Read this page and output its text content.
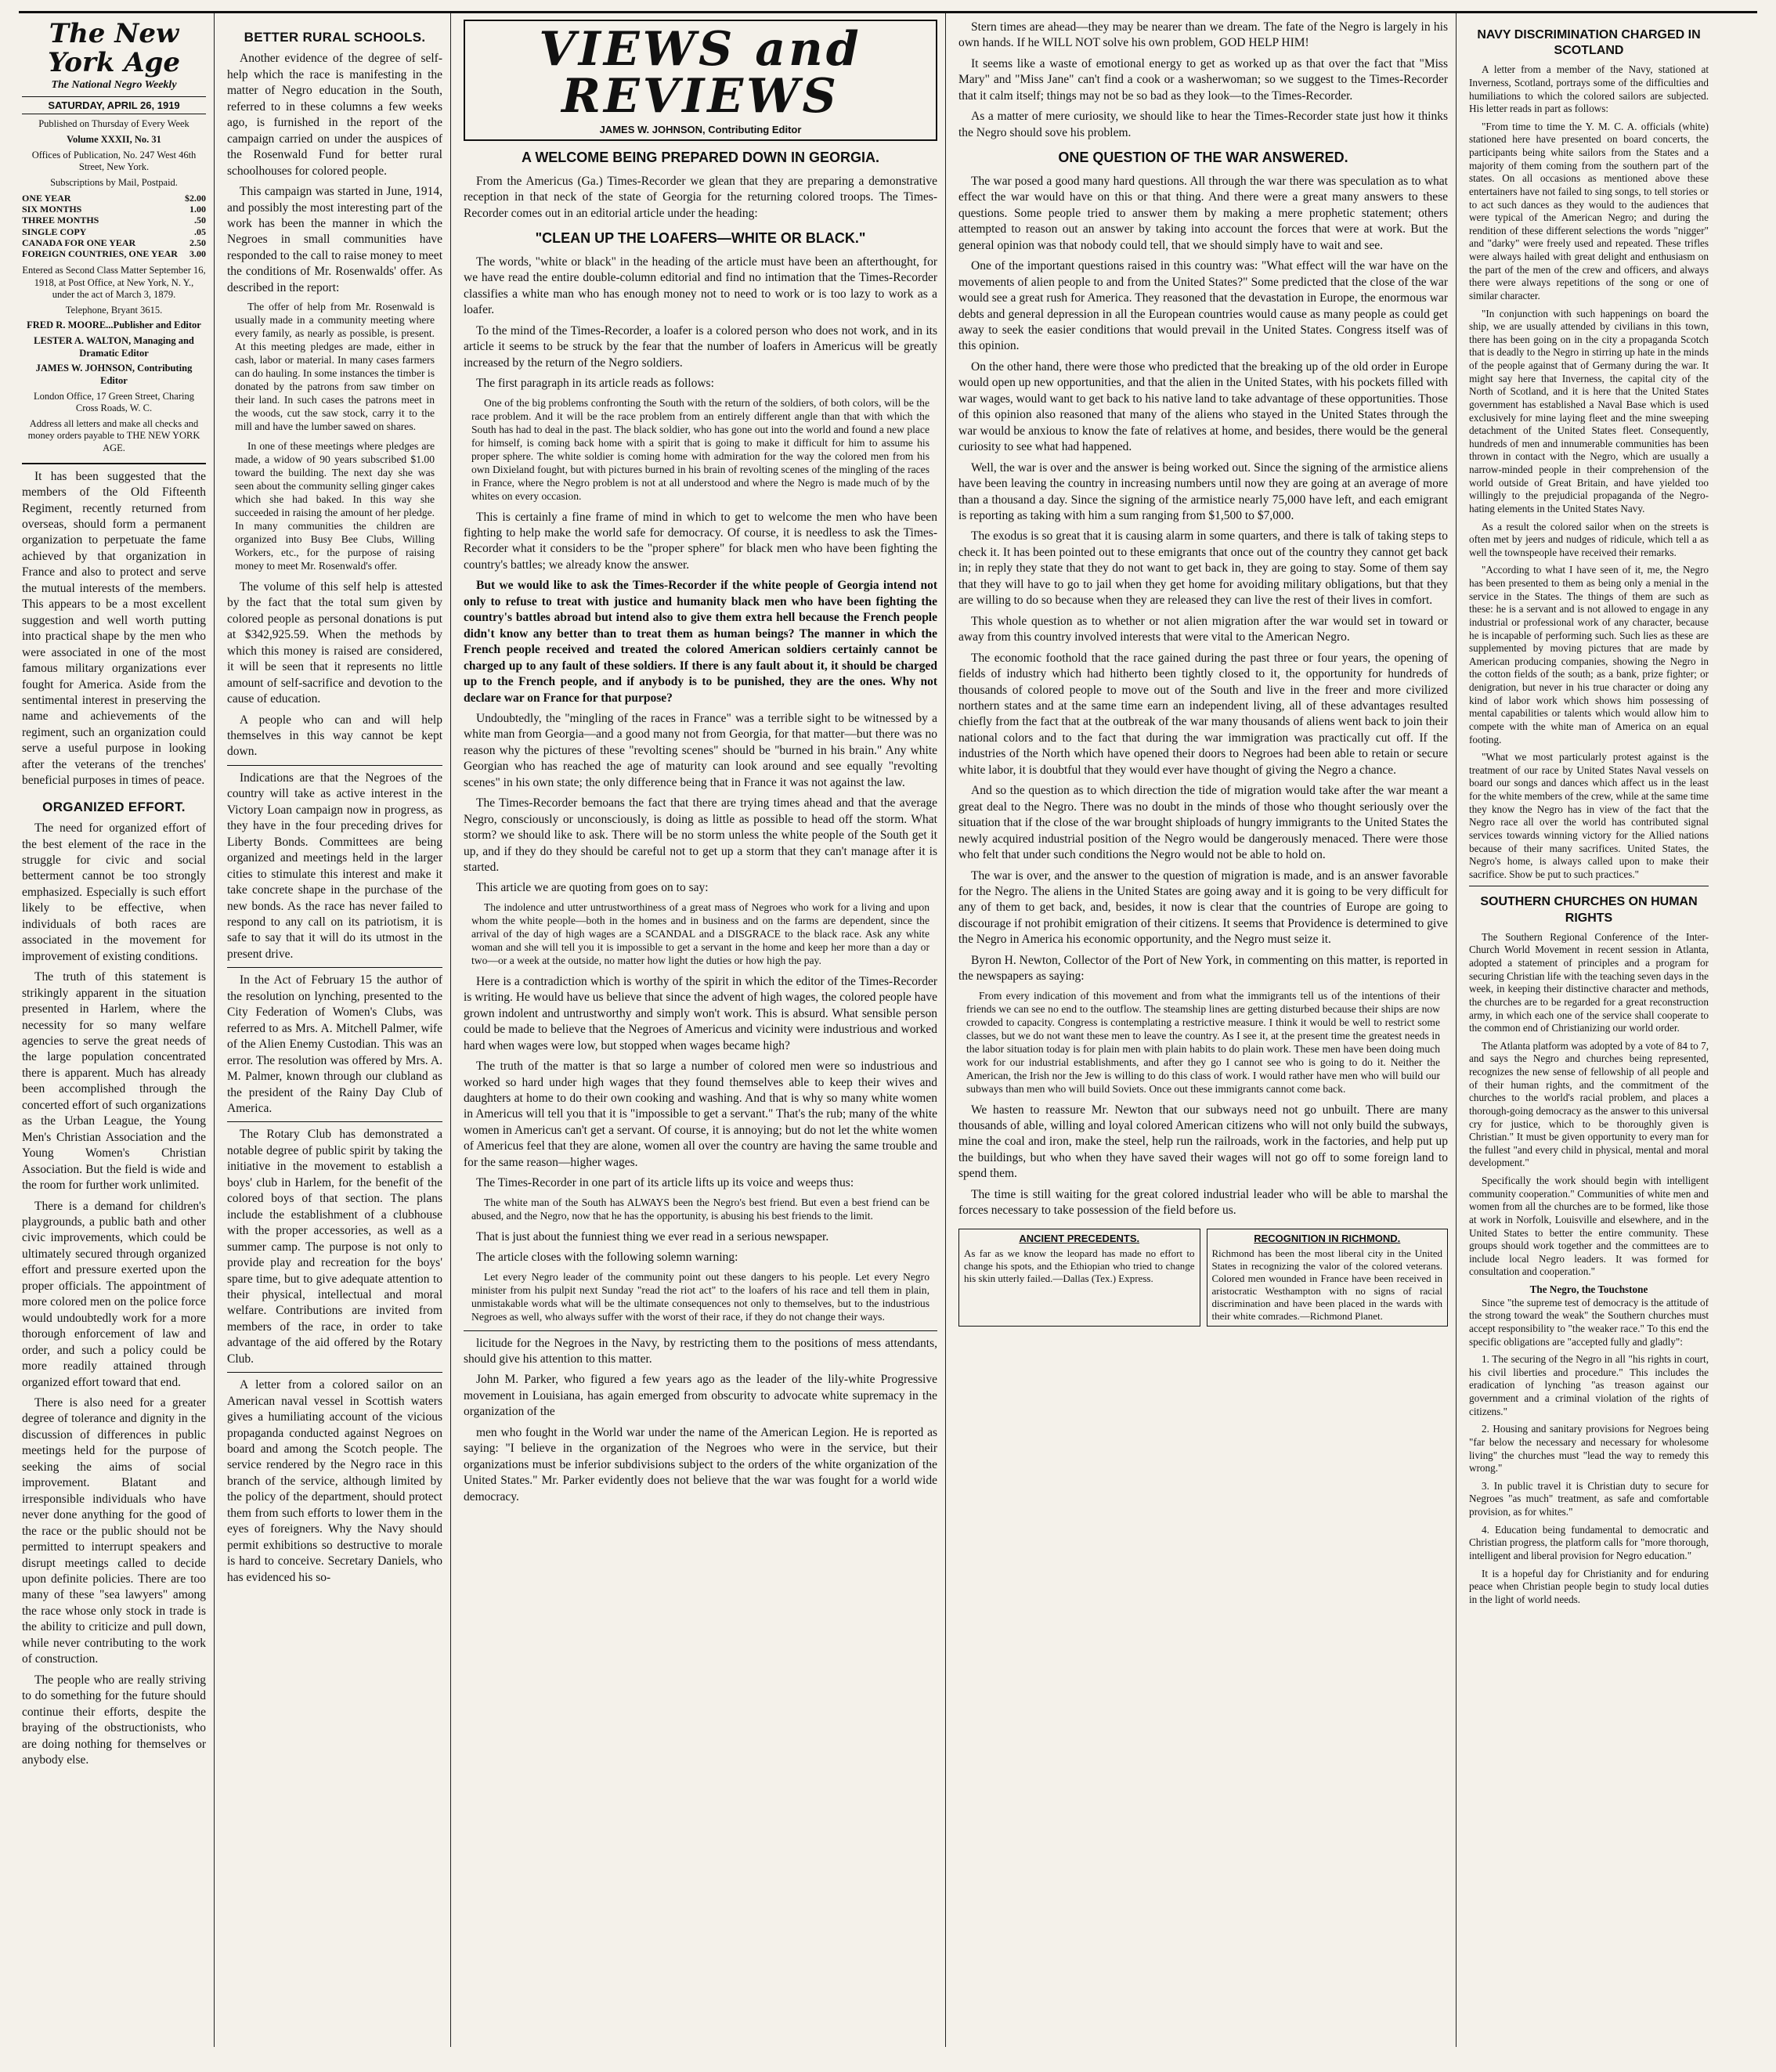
The New York Age
The National Negro Weekly
SATURDAY, APRIL 26, 1919
Published on Thursday of Every Week
Volume XXXII, No. 31
Offices of Publication, No. 247 West 46th Street, New York.
Subscriptions by Mail, Postpaid.
ONE YEAR	$2.00
SIX MONTHS	1.00
THREE MONTHS	.50
SINGLE COPY	.05
CANADA FOR ONE YEAR	2.50
FOREIGN COUNTRIES, ONE YEAR 3.00
Entered as Second Class Matter September 16, 1918, at Post Office, at New York, N. Y., under the act of March 3, 1879.
Telephone, Bryant 3615.
FRED R. MOORE...Publisher and Editor
LESTER A. WALTON, Managing and Dramatic Editor
JAMES W. JOHNSON, Contributing Editor
London Office, 17 Green Street, Charing Cross Roads, W. C.
Address all letters and make all checks and money orders payable to THE NEW YORK AGE.

It has been suggested that the members of the Old Fifteenth Regiment, recently returned from overseas, should form a permanent organization to perpetuate the fame achieved by that organization in France and also to protect and serve the mutual interests of the members. This appears to be a most excellent suggestion and well worth putting into practical shape by the men who were associated in one of the most famous military organizations ever fought for America. Aside from the sentimental interest in preserving the name and achievements of the regiment, such an organization could serve a useful purpose in looking after the veterans of the trenches' beneficial purposes in times of peace.

ORGANIZED EFFORT.

The need for organized effort of the best element of the race in the struggle for civic and social betterment cannot be too strongly emphasized. Especially is such effort likely to be effective, when individuals of both races are associated in the movement for improvement of existing conditions.

The truth of this statement is strikingly apparent in the situation presented in Harlem, where the necessity for so many welfare agencies to serve the great needs of the large population concentrated there is apparent. Much has already been accomplished through the concerted effort of such organizations as the Urban League, the Young Men's Christian Association and the Young Women's Christian Association. But the field is wide and the room for further work unlimited.

There is a demand for children's playgrounds, a public bath and other civic improvements, which could be ultimately secured through organized effort and pressure exerted upon the proper officials. The appointment of more colored men on the police force would undoubtedly work for a more thorough enforcement of law and order, and such a policy could be more readily attained through organized effort toward that end.

There is also need for a greater degree of tolerance and dignity in the discussion of differences in public meetings held for the purpose of seeking the aims of social improvement. Blatant and irresponsible individuals who have never done anything for the good of the race or the public should not be permitted to interrupt speakers and disrupt meetings called to decide upon definite policies. There are too many of these "sea lawyers" among the race whose only stock in trade is the ability to criticize and pull down, while never contributing to the work of construction.

The people who are really striving to do something for the future should continue their efforts, despite the braying of the obstructionists, who are doing nothing for themselves or anybody else.

BETTER RURAL SCHOOLS.

Another evidence of the degree of self-help which the race is manifesting in the matter of Negro education in the South, referred to in these columns a few weeks ago, is furnished in the report of the campaign carried on under the auspices of the Rosenwald Fund for better rural schoolhouses for colored people.

This campaign was started in June, 1914, and possibly the most interesting part of the work has been the manner in which the Negroes in small communities have responded to the call to raise money to meet the conditions of Mr. Rosenwalds' offer. As described in the report:

The offer of help from Mr. Rosenwald is usually made in a community meeting where every family, as nearly as possible, is present. At this meeting pledges are made, either in cash, labor or material. In many cases farmers can do hauling. In some instances the timber is donated by the patrons from saw timber on their land. In such cases the patrons meet in the woods, cut the saw stock, carry it to the mill and have the lumber sawed on shares.

In one of these meetings where pledges are made, a widow of 90 years subscribed $1.00 toward the building. The next day she was seen about the community selling ginger cakes which she had baked. In this way she succeeded in raising the amount of her pledge. In many communities the children are organized into Busy Bee Clubs, Willing Workers, etc., for the purpose of raising money to meet Mr. Rosenwald's offer.

The volume of this self help is attested by the fact that the total sum given by colored people as personal donations is put at $342,925.59. When the methods by which this money is raised are considered, it will be seen that it represents no little amount of self-sacrifice and devotion to the cause of education.

A people who can and will help themselves in this way cannot be kept down.

Indications are that the Negroes of the country will take as active interest in the Victory Loan campaign now in progress, as they have in the four preceding drives for Liberty Bonds. Committees are being organized and meetings held in the larger cities to stimulate this interest and make it take concrete shape in the purchase of the new bonds. As the race has never failed to respond to any call on its patriotism, it is safe to say that it will do its utmost in the present drive.

In the Act of February 15 the author of the resolution on lynching, presented to the City Federation of Women's Clubs, was referred to as Mrs. A. Mitchell Palmer, wife of the Alien Enemy Custodian. This was an error. The resolution was offered by Mrs. A. M. Palmer, known through our clubland as the president of the Rainy Day Club of America.

The Rotary Club has demonstrated a notable degree of public spirit by taking the initiative in the movement to establish a boys' club in Harlem, for the benefit of the colored boys of that section. The plans include the establishment of a clubhouse with the proper accessories, as well as a summer camp. The purpose is not only to provide play and recreation for the boys' spare time, but to give adequate attention to their physical, intellectual and moral welfare. Contributions are invited from members of the race, in order to take advantage of the aid offered by the Rotary Club.

A letter from a colored sailor on an American naval vessel in Scottish waters gives a humiliating account of the vicious propaganda conducted against Negroes on board and among the Scotch people. The service rendered by the Negro race in this branch of the service, although limited by the policy of the department, should protect them from such efforts to lower them in the eyes of foreigners. Why the Navy should permit exhibitions so destructive to morale is hard to conceive. Secretary Daniels, who has evidenced his so-

VIEWS and REVIEWS
JAMES W. JOHNSON, Contributing Editor
A WELCOME BEING PREPARED DOWN IN GEORGIA.

From the Americus (Ga.) Times-Recorder we glean that they are preparing a demonstrative reception in that neck of the state of Georgia for the returning colored troops. The Times-Recorder comes out in an editorial article under the heading:

"CLEAN UP THE LOAFERS—WHITE OR BLACK."

The words, "white or black" in the heading of the article must have been an afterthought, for we have read the entire double-column editorial and find no intimation that the Times-Recorder classifies a white man who has enough money not to need to work or is too lazy to work as a loafer.

To the mind of the Times-Recorder, a loafer is a colored person who does not work, and in its article it seems to be struck by the fear that the number of loafers in Americus will be greatly increased by the return of the Negro soldiers.

The first paragraph in its article reads as follows:

One of the big problems confronting the South with the return of the soldiers, of both colors, will be the race problem. And it will be the race problem from an entirely different angle than that with which the South has had to deal in the past. The black soldier, who has gone out into the world and found a new place for himself, is coming back home with a spirit that is going to make it difficult for him to assume his proper sphere. The white soldier is coming home with admiration for the way the colored men from his own Dixieland fought, but with pictures burned in his brain of revolting scenes of the mingling of the races in France, where the Negro problem is not at all understood and where the Negro is made much of by the whites on every occasion.

This is certainly a fine frame of mind in which to get to welcome the men who have been fighting to help make the world safe for democracy. Of course, it is needless to ask the Times-Recorder what it considers to be the "proper sphere" for black men who have been fighting the country's battles; we already know the answer.

But we would like to ask the Times-Recorder if the white people of Georgia intend not only to refuse to treat with justice and humanity black men who have been fighting the country's battles abroad but intend also to give them extra hell because the French people didn't know any better than to treat them as human beings? The manner in which the French people received and treated the colored American soldiers certainly cannot be charged up to any fault of these soldiers. If there is any fault about it, it should be charged up to the French people, and if anybody is to be punished, they are the ones. Why not declare war on France for that purpose?

Undoubtedly, the "mingling of the races in France" was a terrible sight to be witnessed by a white man from Georgia—and a good many not from Georgia, for that matter—but there was no reason why the pictures of these "revolting scenes" should be "burned in his brain." Any white Georgian who has reached the age of maturity can look around and see equally "revolting scenes" in his own state; the only difference being that in France it was not against the law.

The Times-Recorder bemoans the fact that there are trying times ahead and that the average Negro, consciously or unconsciously, is doing as little as possible to head off the storm. What storm? we should like to ask. There will be no storm unless the white people of the South get it up, and if they do they should be careful not to get up a storm that they can't manage after it is started.

This article we are quoting from goes on to say:

The indolence and utter untrustworthiness of a great mass of Negroes who work for a living and upon whom the white people—both in the homes and in business and on the farms are dependent, since the arrival of the day of high wages are a SCANDAL and a DISGRACE to the black race. Ask any white woman and she will tell you it is impossible to get a servant in the home and keep her more than a day or two—or a week at the outside, no matter how light the duties or how high the pay.

Here is a contradiction which is worthy of the spirit in which the editor of the Times-Recorder is writing. He would have us believe that since the advent of high wages, the colored people have grown indolent and untrustworthy and simply won't work. This is absurd. What sensible person could be made to believe that the Negroes of Americus and vicinity were industrious and worked hard when wages were low, but stopped when wages became high?

The truth of the matter is that so large a number of colored men were so industrious and worked so hard under high wages that they found themselves able to keep their wives and daughters at home to do their own cooking and washing. And that is why so many white women in Americus will tell you that it is "impossible to get a servant." That's the rub; many of the white women in Americus can't get a servant. Of course, it is annoying; but do not let the white women of Americus feel that they are alone, women all over the country are having the same trouble and for the same reason—higher wages.

The Times-Recorder in one part of its article lifts up its voice and weeps thus:

The white man of the South has ALWAYS been the Negro's best friend. But even a best friend can be abused, and the Negro, now that he has the opportunity, is abusing his best friends to the limit.

That is just about the funniest thing we ever read in a serious newspaper.

The article closes with the following solemn warning:

Let every Negro leader of the community point out these dangers to his people. Let every Negro minister from his pulpit next Sunday "read the riot act" to the loafers of his race and tell them in plain, unmistakable words what will be the ultimate consequences not only to themselves, but to the industrious Negroes as well, who always suffer with the worst of their race, if they do not change their ways.

licitude for the Negroes in the Navy, by restricting them to the positions of mess attendants, should give his attention to this matter.

John M. Parker, who figured a few years ago as the leader of the lily-white Progressive movement in Louisiana, has again emerged from obscurity to advocate white supremacy in the organization of the

men who fought in the World war under the name of the American Legion. He is reported as saying: "I believe in the organization of the Negroes who were in the service, but their organizations must be inferior subdivisions subject to the orders of the white organization of the United States." Mr. Parker evidently does not believe that the war was fought for a world wide democracy.

Stern times are ahead—they may be nearer than we dream. The fate of the Negro is largely in his own hands. If he WILL NOT solve his own problem, GOD HELP HIM!

It seems like a waste of emotional energy to get as worked up as that over the fact that "Miss Mary" and "Miss Jane" can't find a cook or a washerwoman; so we suggest to the Times-Recorder that it calm itself; things may not be so bad as they look—to the Times-Recorder.

As a matter of mere curiosity, we should like to hear the Times-Recorder state just how it thinks the Negro should sove his problem.

ONE QUESTION OF THE WAR ANSWERED.

The war posed a good many hard questions. All through the war there was speculation as to what effect the war would have on this or that thing. And there were a great many answers to these questions. Some people tried to answer them by making a mere prophetic statement; others attempted to reason out an answer by taking into account the forces that were at work. But the general opinion was that nobody could tell, that we should simply have to wait and see.

One of the important questions raised in this country was: "What effect will the war have on the movements of alien people to and from the United States?" Some predicted that the close of the war would see a great rush for America. They reasoned that the devastation in Europe, the enormous war debts and general depression in all the European countries would cause as many people as could get away to seek the easier conditions that would prevail in the United States. Congress itself was of this opinion.

On the other hand, there were those who predicted that the breaking up of the old order in Europe would open up new opportunities, and that the alien in the United States, with his pockets filled with war wages, would want to get back to his native land to take advantage of these opportunities. Those of this opinion also reasoned that many of the aliens who stayed in the United States through the war would be anxious to know the fate of relatives at home, and besides, there would be the general curiosity to see what had happened.

Well, the war is over and the answer is being worked out. Since the signing of the armistice aliens have been leaving the country in increasing numbers until now they are going at an average of more than a thousand a day. Since the signing of the armistice nearly 75,000 have left, and each emigrant is reporting as taking with him a sum ranging from $1,500 to $7,000.

The exodus is so great that it is causing alarm in some quarters, and there is talk of taking steps to check it. It has been pointed out to these emigrants that once out of the country they cannot get back in; in reply they state that they do not want to get back in, they are going to stay. Some of them say that they will have to go to jail when they get home for avoiding military obligations, but that they are willing to do so because when they are released they can live the rest of their lives in comfort.

This whole question as to whether or not alien migration after the war would set in toward or away from this country involved interests that were vital to the American Negro.

The economic foothold that the race gained during the past three or four years, the opening of fields of industry which had hitherto been tightly closed to it, the opportunity for hundreds of thousands of colored people to move out of the South and live in the freer and more civilized northern states and at the same time earn an independent living, all of these advantages resulted chiefly from the fact that at the outbreak of the war many thousands of aliens went back to join their national colors and to the fact that during the war immigration was practically cut off. If the industries of the North which have opened their doors to Negroes had been able to retain or secure white labor, it is doubtful that they would ever have thought of giving the Negro a chance.

And so the question as to which direction the tide of migration would take after the war meant a great deal to the Negro. There was no doubt in the minds of those who thought seriously over the situation that if the close of the war brought shiploads of hungry immigrants to the United States the newly acquired industrial position of the Negro would be dangerously menaced. There were those who felt that under such conditions the Negro would not be able to hold on.

The war is over, and the answer to the question of migration is made, and is an answer favorable for the Negro. The aliens in the United States are going away and it is going to be very difficult for any of them to get back, and, besides, it now is clear that the countries of Europe are going to discourage if not prohibit emigration of their citizens. It seems that Providence is determined to give the Negro in America his economic opportunity, and the Negro must seize it.

Byron H. Newton, Collector of the Port of New York, in commenting on this matter, is reported in the newspapers as saying:

From every indication of this movement and from what the immigrants tell us of the intentions of their friends we can see no end to the outflow. The steamship lines are getting disturbed because their ships are now crowded to capacity. Congress is contemplating a restrictive measure. I think it would be well to restrict some classes, but we do not want these men to leave the country. As I see it, at the present time the greatest needs in the labor situation today is for plain men with plain habits to do plain work. These men have been doing much work for our industrial establishments, and after they go I cannot see who is going to do it. Neither the American, the Irish nor the Jew is willing to do this class of work. I would rather have men who will build our subways than men who will build Soviets. Once out these immigrants cannot come back.

We hasten to reassure Mr. Newton that our subways need not go unbuilt. There are many thousands of able, willing and loyal colored American citizens who will not only build the subways, mine the coal and iron, make the steel, help run the railroads, work in the factories, and help put up the buildings, but who when they have saved their wages will not go off to some foreign land to spend them.

The time is still waiting for the great colored industrial leader who will be able to marshal the forces necessary to take possession of the field before us.

ANCIENT PRECEDENTS.
As far as we know the leopard has made no effort to change his spots, and the Ethiopian who tried to change his skin utterly failed.—Dallas (Tex.) Express.
RECOGNITION IN RICHMOND.
Richmond has been the most liberal city in the United States in recognizing the valor of the colored veterans. Colored men wounded in France have been received in aristocratic Westhampton with no signs of racial discrimination and have been placed in the wards with their white comrades.—Richmond Planet.
NAVY DISCRIMINATION CHARGED IN SCOTLAND

A letter from a member of the Navy, stationed at Inverness, Scotland, portrays some of the difficulties and humiliations to which the colored sailors are subjected. His letter reads in part as follows:

"From time to time the Y. M. C. A. officials (white) stationed here have presented on board concerts, the participants being white sailors from the States and a majority of them coming from the southern part of the states. On all occasions as mentioned above these entertainers have not failed to sing songs, to tell stories or to act such dances as they would to the audiences that were typical of the American Negro; and during the rendition of these different selections the words "nigger" and "darky" were freely used and repeated. These trifles were always hailed with great delight and enthusiasm on the part of the men of the crew and officers, and always there were always repetitions of the song or one of similar character.

"In conjunction with such happenings on board the ship, we are usually attended by civilians in this town, there has been going on in the city a propaganda Scotch that is deadly to the Negro in stirring up hate in the minds of the people against that of Germany during the war. It might say here that Inverness, the capital city of the North of Scotland, and it is here that the United States government has established a Naval Base which is used exclusively for mine laying fleet and the mine sweeping detachment of the United States fleet. Consequently, hundreds of men and innumerable communities has been thrown in contact with the Negro, which are usually a narrow-minded people in their comprehension of the world outside of Great Britain, and have yielded too willingly to the prejudicial propaganda of the Negro-hating elements in the United States Navy.

As a result the colored sailor when on the streets is often met by jeers and nudges of ridicule, which tell a as well the townspeople have received their remarks.

"According to what I have seen of it, me, the Negro has been presented to them as being only a menial in the service in the States. The things of them are such as these: he is a servant and is not allowed to engage in any industrial or professional work of any character, because he is incapable of performing such. Such lies as these are supplemented by moving pictures that are made by American producing companies, showing the Negro in the cotton fields of the south; as a bank, prize fighter; or denigration, but never in his true character or doing any kind of labor work which shows him possessing of mental capabilities or talents which would allow him to compete with the white man of America on an equal footing.

"What we most particularly protest against is the treatment of our race by United States Naval vessels on board our songs and dances which affect us in the least for the white members of the crew, while at the same time they know the Negro has in view of the fact that the Negro race all over the world has contributed signal services towards winning victory for the Allied nations because of their many sacrifices. United States, the Negro's home, is always called upon to make their sacrifice. Show be put to such practices."

SOUTHERN CHURCHES ON HUMAN RIGHTS

The Southern Regional Conference of the Inter-Church World Movement in recent session in Atlanta, adopted a statement of principles and a program for securing Christian life with the teaching seven days in the week, in keeping their distinctive character and methods, the churches are to be regarded for a great reconstruction army, in which each one of the service shall cooperate to the common end of Christianizing our world order.

The Atlanta platform was adopted by a vote of 84 to 7, and says the Negro and churches being represented, recognizes the new sense of fellowship of all people and of their human rights, and the commitment of the churches to the world's racial problem, and places a thorough-going democracy as the answer to this universal cry for justice, which to be thoroughly given is Christian." It must be given opportunity to every man for the fullest "and every child in physical, mental and moral development."

Specifically the work should begin with intelligent community cooperation." Communities of white men and women from all the churches are to be formed, like those at work in Norfolk, Louisville and elsewhere, and in the United States to better the entire community. These groups should work together and the committees are to include local Negro leaders. It was formed for consultation and cooperation."

The Negro, the Touchstone

Since "the supreme test of democracy is the attitude of the strong toward the weak" the Southern churches must accept responsibility to "the weaker race." To this end the specific obligations are "accepted fully and gladly":

1. The securing of the Negro in all "his rights in court, his civil liberties and procedure." This includes the eradication of lynching "as treason against our government and a criminal violation of the rights of citizens."

2. Housing and sanitary provisions for Negroes being "far below the necessary and necessary for wholesome living" the churches must "lead the way to remedy this wrong."

3. In public travel it is Christian duty to secure for Negroes "as much" treatment, as safe and comfortable provision, as for whites."

4. Education being fundamental to democratic and Christian progress, the platform calls for "more thorough, intelligent and liberal provision for Negro education."

It is a hopeful day for Christianity and for enduring peace when Christian people begin to study local duties in the light of world needs.
